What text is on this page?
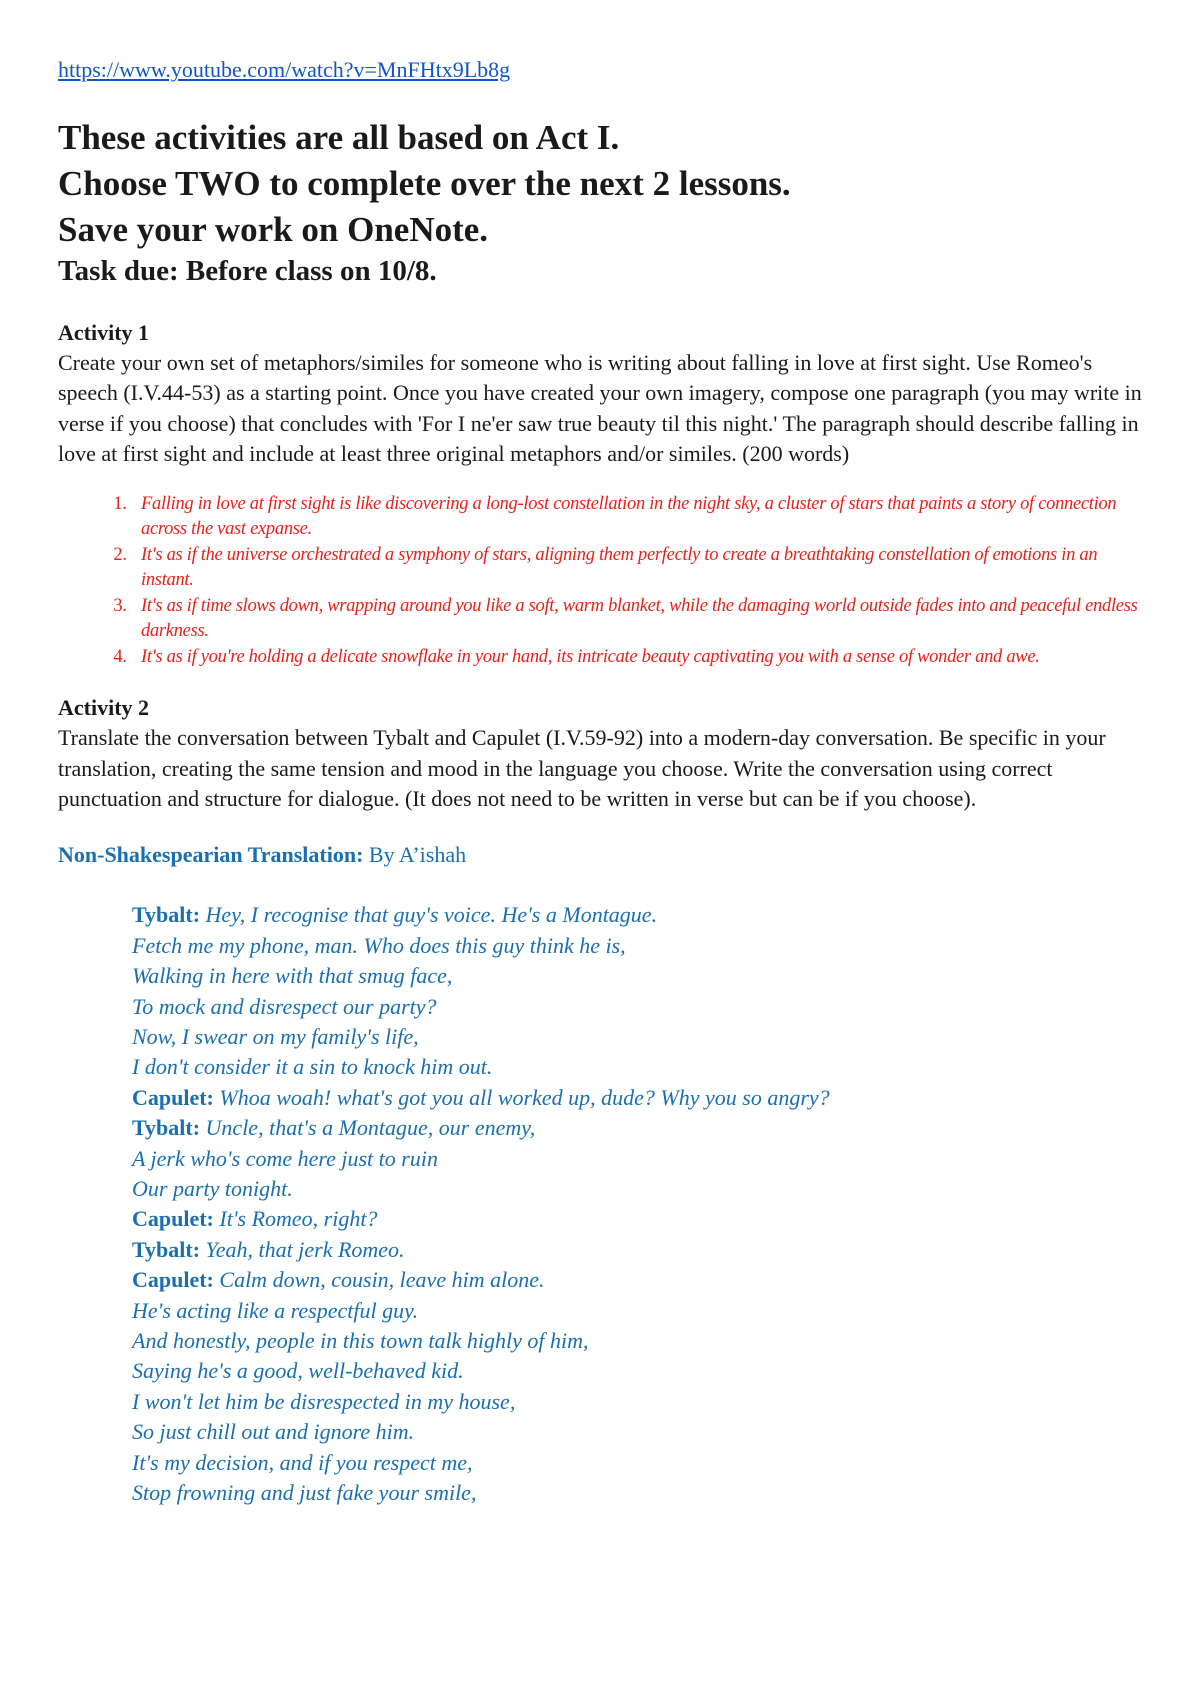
https://www.youtube.com/watch?v=MnFHtx9Lb8g

These activities are all based on Act I.

Choose TWO to complete over the next 2 lessons.

Save your work on OneNote.

Task due: Before class on 10/8.

Activity 1

Create your own set of metaphors/similes for someone who is writing about falling in love at first sight. Use Romeo's speech (I.V.44-53) as a starting point. Once you have created your own imagery, compose one paragraph (you may write in verse if you choose) that concludes with 'For I ne'er saw true beauty til this night.' The paragraph should describe falling in love at first sight and include at least three original metaphors and/or similes. (200 words)

1. Falling in love at first sight is like discovering a long-lost constellation in the night sky, a cluster of stars that paints a story of connection across the vast expanse.
2. It's as if the universe orchestrated a symphony of stars, aligning them perfectly to create a breathtaking constellation of emotions in an instant.
3. It's as if time slows down, wrapping around you like a soft, warm blanket, while the damaging world outside fades into and peaceful endless darkness.
4. It's as if you're holding a delicate snowflake in your hand, its intricate beauty captivating you with a sense of wonder and awe.

Activity 2

Translate the conversation between Tybalt and Capulet (I.V.59-92) into a modern-day conversation. Be specific in your translation, creating the same tension and mood in the language you choose. Write the conversation using correct punctuation and structure for dialogue. (It does not need to be written in verse but can be if you choose).

Non-Shakespearian Translation: By A’ishah

Tybalt: Hey, I recognise that guy's voice. He's a Montague.
Fetch me my phone, man. Who does this guy think he is,
Walking in here with that smug face,
To mock and disrespect our party?
Now, I swear on my family's life,
I don't consider it a sin to knock him out.
Capulet: Whoa woah! what's got you all worked up, dude? Why you so angry?
Tybalt: Uncle, that's a Montague, our enemy,
A jerk who's come here just to ruin
Our party tonight.
Capulet: It's Romeo, right?
Tybalt: Yeah, that jerk Romeo.
Capulet: Calm down, cousin, leave him alone.
He's acting like a respectful guy.
And honestly, people in this town talk highly of him,
Saying he's a good, well-behaved kid.
I won't let him be disrespected in my house,
So just chill out and ignore him.
It's my decision, and if you respect me,
Stop frowning and just fake your smile,
